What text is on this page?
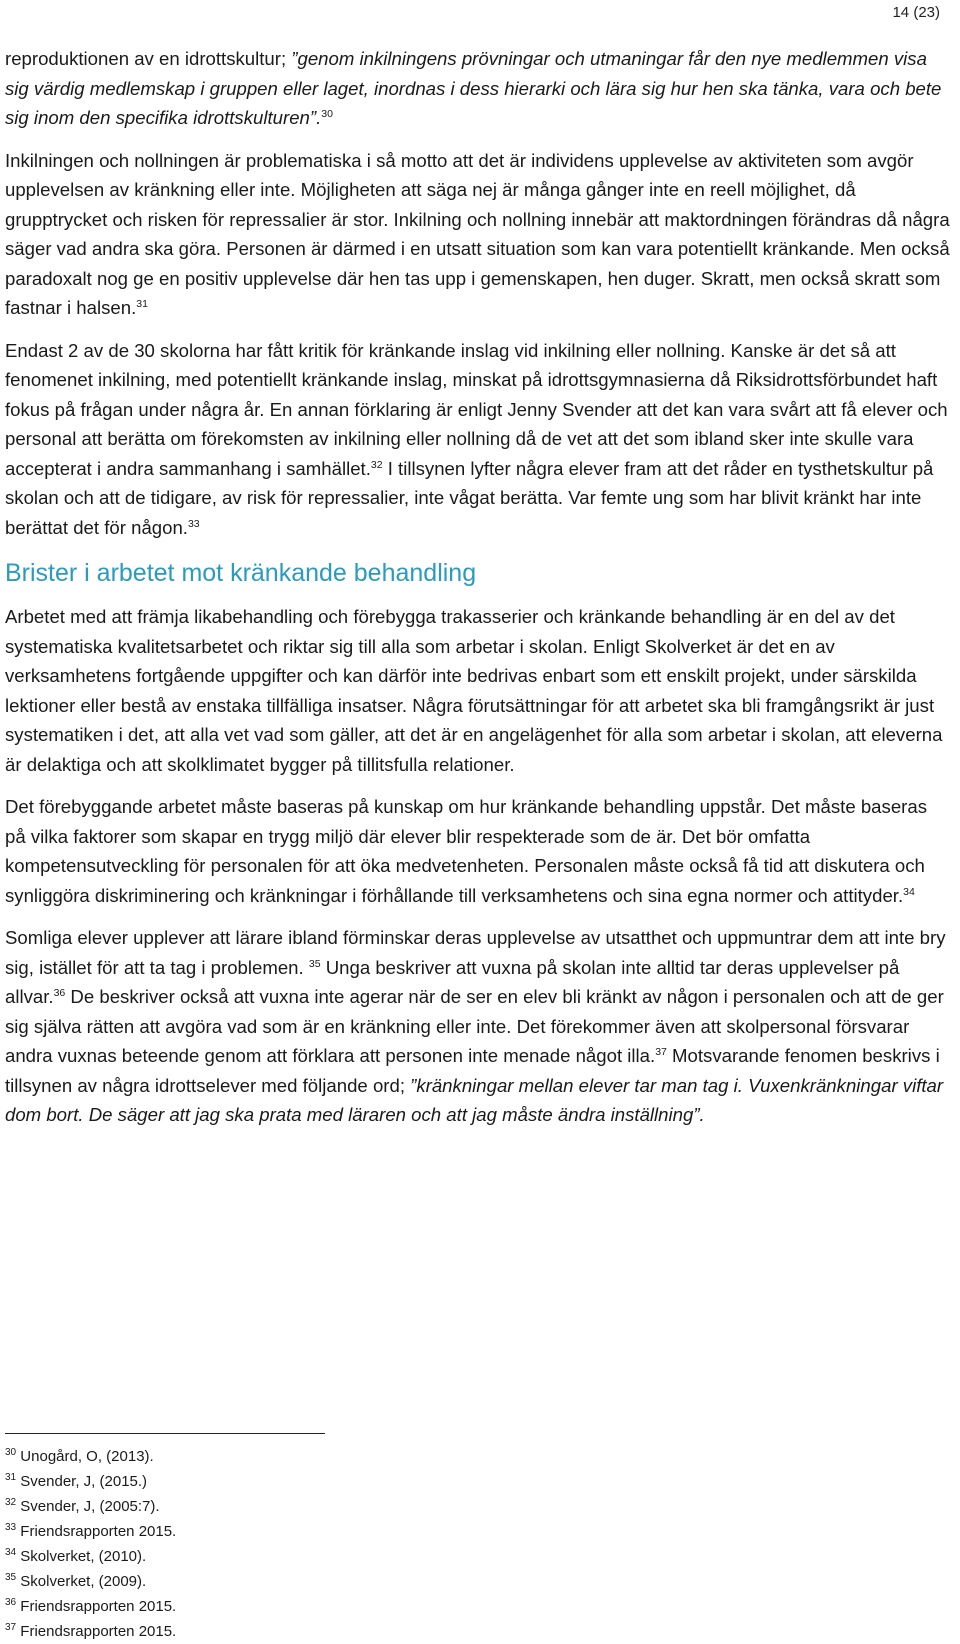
14 (23)

reproduktionen av en idrottskultur; ”genom inkilningens prövningar och utmaningar får den nye medlemmen visa sig värdig medlemskap i gruppen eller laget, inordnas i dess hierarki och lära sig hur hen ska tänka, vara och bete sig inom den specifika idrottskulturen”.$^{30}$

Inkilningen och nollningen är problematiska i så motto att det är individens upplevelse av aktiviteten som avgör upplevelsen av kränkning eller inte. Möjligheten att säga nej är många gånger inte en reell möjlighet, då grupptrycket och risken för repressalier är stor. Inkilning och nollning innebär att maktordningen förändras då några säger vad andra ska göra. Personen är därmed i en utsatt situation som kan vara potentiellt kränkande. Men också paradoxalt nog ge en positiv upplevelse där hen tas upp i gemenskapen, hen duger. Skratt, men också skratt som fastnar i halsen.$^{31}$

Endast 2 av de 30 skolorna har fått kritik för kränkande inslag vid inkilning eller nollning. Kanske är det så att fenomenet inkilning, med potentiellt kränkande inslag, minskat på idrottsgymnasierna då Riksidrottsförbundet haft fokus på frågan under några år. En annan förklaring är enligt Jenny Svender att det kan vara svårt att få elever och personal att berätta om förekomsten av inkilning eller nollning då de vet att det som ibland sker inte skulle vara accepterat i andra sammanhang i samhället.$^{32}$ I tillsynen lyfter några elever fram att det råder en tysthetskultur på skolan och att de tidigare, av risk för repressalier, inte vågat berätta. Var femte ung som har blivit kränkt har inte berättat det för någon.$^{33}$

Brister i arbetet mot kränkande behandling

Arbetet med att främja likabehandling och förebygga trakasserier och kränkande behandling är en del av det systematiska kvalitetsarbetet och riktar sig till alla som arbetar i skolan. Enligt Skolverket är det en av verksamhetens fortgående uppgifter och kan därför inte bedrivas enbart som ett enskilt projekt, under särskilda lektioner eller bestå av enstaka tillfälliga insatser. Några förutsättningar för att arbetet ska bli framgångsrikt är just systematiken i det, att alla vet vad som gäller, att det är en angelägenhet för alla som arbetar i skolan, att eleverna är delaktiga och att skolklimatet bygger på tillitsfulla relationer.

Det förebyggande arbetet måste baseras på kunskap om hur kränkande behandling uppstår. Det måste baseras på vilka faktorer som skapar en trygg miljö där elever blir respekterade som de är. Det bör omfatta kompetensutveckling för personalen för att öka medvetenheten. Personalen måste också få tid att diskutera och synliggöra diskriminering och kränkningar i förhållande till verksamhetens och sina egna normer och attityder.$^{34}$

Somliga elever upplever att lärare ibland förminskar deras upplevelse av utsatthet och uppmuntrar dem att inte bry sig, istället för att ta tag i problemen. $^{35}$ Unga beskriver att vuxna på skolan inte alltid tar deras upplevelser på allvar.$^{36}$ De beskriver också att vuxna inte agerar när de ser en elev bli kränkt av någon i personalen och att de ger sig själva rätten att avgöra vad som är en kränkning eller inte. Det förekommer även att skolpersonal försvarar andra vuxnas beteende genom att förklara att personen inte menade något illa.$^{37}$ Motsvarande fenomen beskrivs i tillsynen av några idrottselever med följande ord; ”kränkningar mellan elever tar man tag i. Vuxenkränkningar viftar dom bort. De säger att jag ska prata med läraren och att jag måste ändra inställning”.

$^{30}$ Unogård, O, (2013).

$^{31}$ Svender, J, (2015.)

$^{32}$ Svender, J, (2005:7).

$^{33}$ Friendsrapporten 2015.

$^{34}$ Skolverket, (2010).

$^{35}$ Skolverket, (2009).

$^{36}$ Friendsrapporten 2015.

$^{37}$ Friendsrapporten 2015.
